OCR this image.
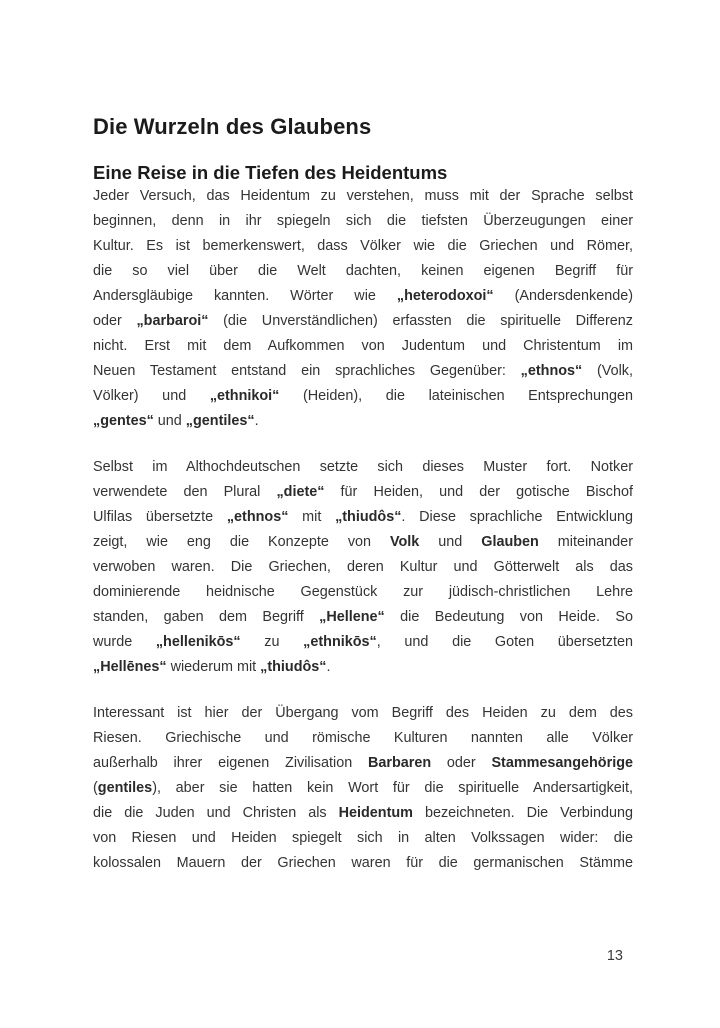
Die Wurzeln des Glaubens
Eine Reise in die Tiefen des Heidentums
Jeder Versuch, das Heidentum zu verstehen, muss mit der Sprache selbst
beginnen, denn in ihr spiegeln sich die tiefsten Überzeugungen einer
Kultur. Es ist bemerkenswert, dass Völker wie die Griechen und Römer,
die so viel über die Welt dachten, keinen eigenen Begriff für
Andersgläubige kannten. Wörter wie „heterodoxoi“ (Andersdenkende)
oder „barbaroi“ (die Unverständlichen) erfassten die spirituelle Differenz
nicht. Erst mit dem Aufkommen von Judentum und Christentum im
Neuen Testament entstand ein sprachliches Gegenüber: „ethnos“ (Volk,
Völker) und „ethnikoi“ (Heiden), die lateinischen Entsprechungen
„gentes“ und „gentiles“.
Selbst im Althochdeutschen setzte sich dieses Muster fort. Notker
verwendete den Plural „diete“ für Heiden, und der gotische Bischof
Ulfilas übersetzte „ethnos“ mit „thiudôs“. Diese sprachliche Entwicklung
zeigt, wie eng die Konzepte von Volk und Glauben miteinander
verwoben waren. Die Griechen, deren Kultur und Götterwelt als das
dominierende heidnische Gegenstück zur jüdisch-christlichen Lehre
standen, gaben dem Begriff „Hellene“ die Bedeutung von Heide. So
wurde „hellenikōs“ zu „ethnikōs“, und die Goten übersetzten
„Hellēnes“ wiederum mit „thiudôs“.
Interessant ist hier der Übergang vom Begriff des Heiden zu dem des
Riesen. Griechische und römische Kulturen nannten alle Völker
außerhalb ihrer eigenen Zivilisation Barbaren oder Stammesangehörige
(gentiles), aber sie hatten kein Wort für die spirituelle Andersartigkeit,
die die Juden und Christen als Heidentum bezeichneten. Die Verbindung
von Riesen und Heiden spiegelt sich in alten Volkssagen wider: die
kolossalen Mauern der Griechen waren für die germanischen Stämme
13
